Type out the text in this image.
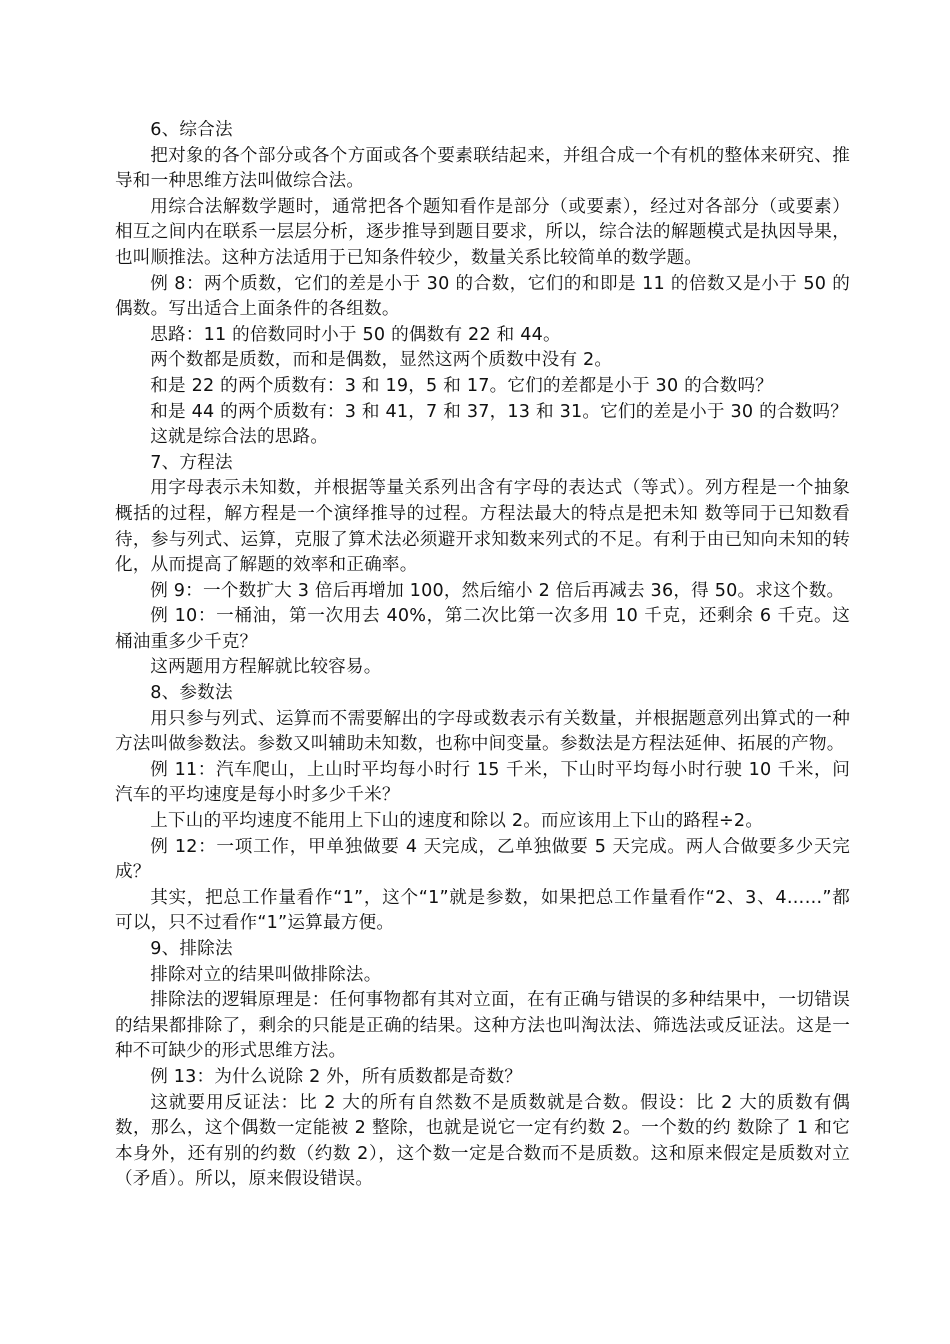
6、综合法

把对象的各个部分或各个方面或各个要素联结起来，并组合成一个有机的整体来研究、推导和一种思维方法叫做综合法。

用综合法解数学题时，通常把各个题知看作是部分（或要素），经过对各部分（或要素）相互之间内在联系一层层分析，逐步推导到题目要求，所以，综合法的解题模式是执因导果，也叫顺推法。这种方法适用于已知条件较少，数量关系比较简单的数学题。

例 8：两个质数，它们的差是小于 30 的合数，它们的和即是 11 的倍数又是小于 50 的偶数。写出适合上面条件的各组数。

思路：11 的倍数同时小于 50 的偶数有 22 和 44。

两个数都是质数，而和是偶数，显然这两个质数中没有 2。

和是 22 的两个质数有：3 和 19，5 和 17。它们的差都是小于 30 的合数吗？

和是 44 的两个质数有：3 和 41，7 和 37，13 和 31。它们的差是小于 30 的合数吗？

这就是综合法的思路。

7、方程法

用字母表示未知数，并根据等量关系列出含有字母的表达式（等式）。列方程是一个抽象概括的过程，解方程是一个演绎推导的过程。方程法最大的特点是把未知 数等同于已知数看待，参与列式、运算，克服了算术法必须避开求知数来列式的不足。有利于由已知向未知的转化，从而提高了解题的效率和正确率。

例 9：一个数扩大 3 倍后再增加 100，然后缩小 2 倍后再减去 36，得 50。求这个数。

例 10：一桶油，第一次用去 40%，第二次比第一次多用 10 千克，还剩余 6 千克。这桶油重多少千克？

这两题用方程解就比较容易。

8、参数法

用只参与列式、运算而不需要解出的字母或数表示有关数量，并根据题意列出算式的一种方法叫做参数法。参数又叫辅助未知数，也称中间变量。参数法是方程法延伸、拓展的产物。

例 11：汽车爬山，上山时平均每小时行 15 千米，下山时平均每小时行驶 10 千米，问汽车的平均速度是每小时多少千米？

上下山的平均速度不能用上下山的速度和除以 2。而应该用上下山的路程÷2。

例 12：一项工作，甲单独做要 4 天完成，乙单独做要 5 天完成。两人合做要多少天完成？

其实，把总工作量看作“1”，这个“1”就是参数，如果把总工作量看作“2、3、4……”都可以，只不过看作“1”运算最方便。

9、排除法

排除对立的结果叫做排除法。

排除法的逻辑原理是：任何事物都有其对立面，在有正确与错误的多种结果中，一切错误的结果都排除了，剩余的只能是正确的结果。这种方法也叫淘汰法、筛选法或反证法。这是一种不可缺少的形式思维方法。

例 13：为什么说除 2 外，所有质数都是奇数？

这就要用反证法：比 2 大的所有自然数不是质数就是合数。假设：比 2 大的质数有偶数，那么，这个偶数一定能被 2 整除，也就是说它一定有约数 2。一个数的约 数除了 1 和它本身外，还有别的约数（约数 2），这个数一定是合数而不是质数。这和原来假定是质数对立（矛盾）。所以，原来假设错误。
